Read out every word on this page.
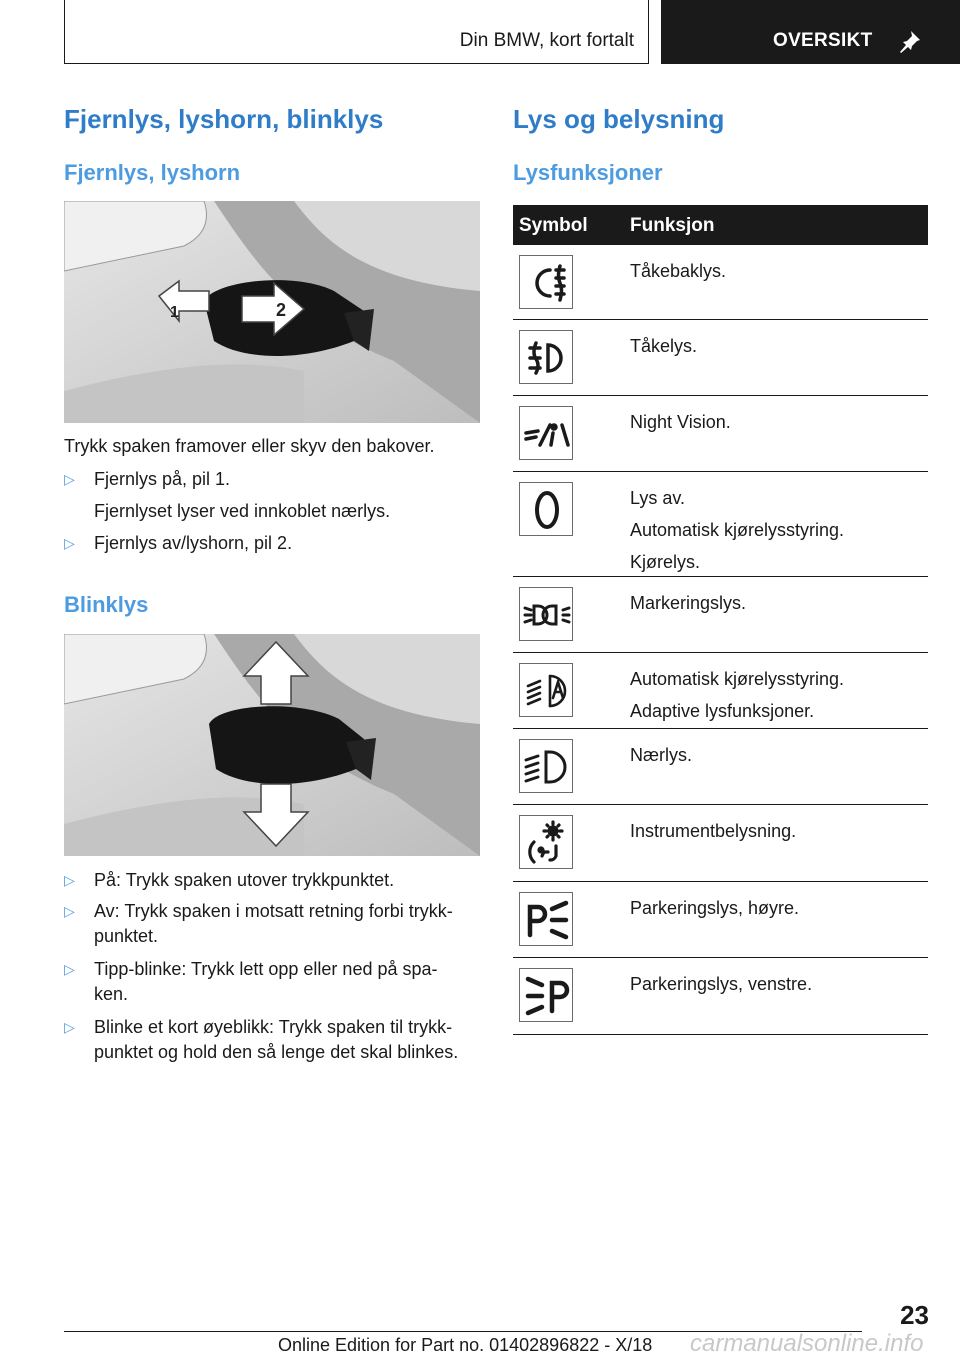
Din BMW, kort fortalt	OVERSIKT
Fjernlys, lyshorn, blinklys
Fjernlys, lyshorn
1	2
Trykk spaken framover eller skyv den bakover.
▷ Fjernlys på, pil 1.
Fjernlyset lyser ved innkoblet nærlys.
▷ Fjernlys av/lyshorn, pil 2.
Blinklys
▷ På: Trykk spaken utover trykkpunktet.
▷ Av: Trykk spaken i motsatt retning forbi trykk-
punktet.
▷ Tipp-blinke: Trykk lett opp eller ned på spa-
ken.
▷ Blinke et kort øyeblikk: Trykk spaken til trykk-
punktet og hold den så lenge det skal blinkes.
Lys og belysning
Lysfunksjoner
Symbol Funksjon
Tåkebaklys.
Tåkelys.
Night Vision.
Lys av.
Automatisk kjørelysstyring.
Kjørelys.
Markeringslys.
Automatisk kjørelysstyring.
Adaptive lysfunksjoner.
Nærlys.
Instrumentbelysning.
Parkeringslys, høyre.
Parkeringslys, venstre.
23
Online Edition for Part no. 01402896822 - X/18 carmanualsonline.info
